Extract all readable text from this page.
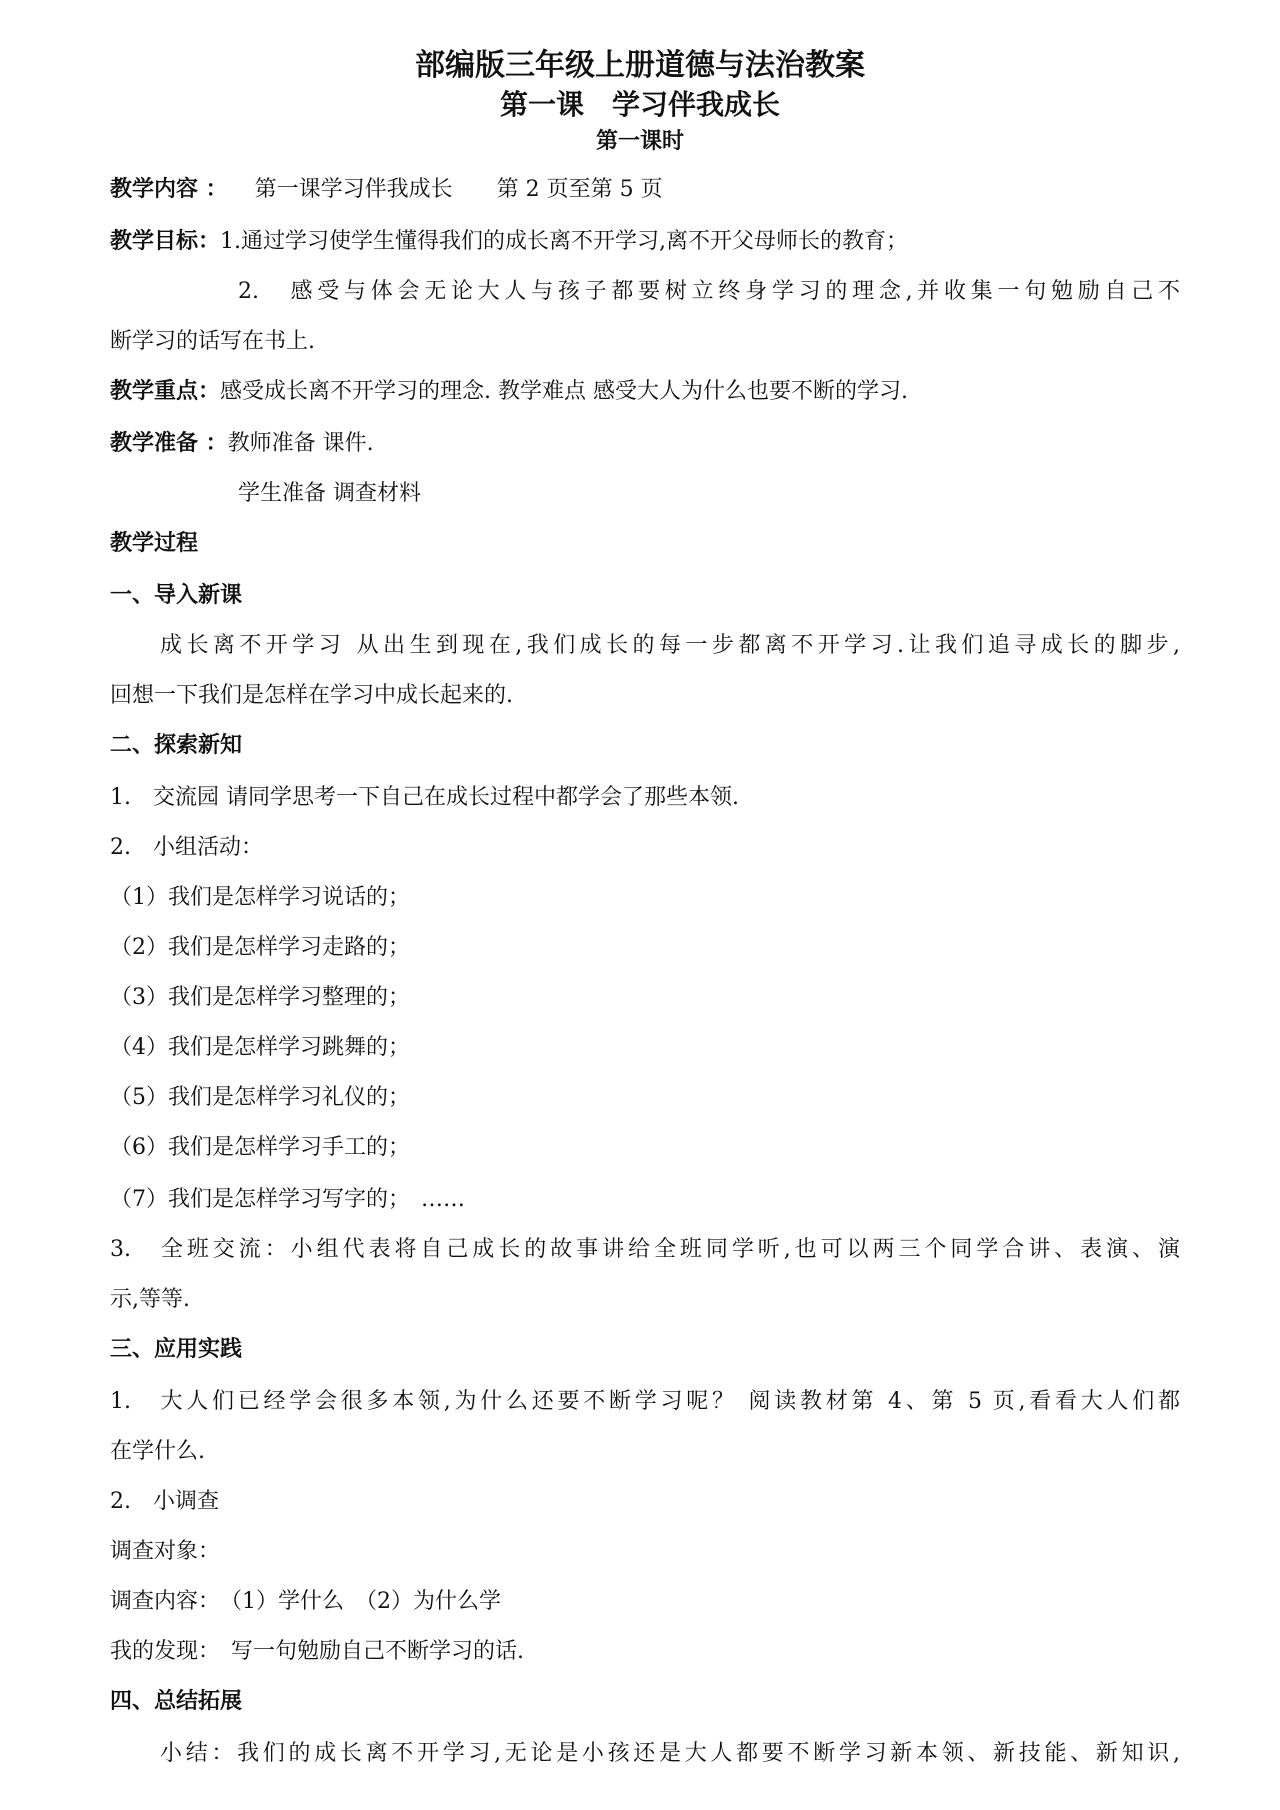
部编版三年级上册道德与法治教案
第一课　学习伴我成长
第一课时
教学内容 ： 第一课学习伴我成长　　第 2 页至第 5 页
教学目标：1.通过学习使学生懂得我们的成长离不开学习,离不开父母师长的教育；
2.　感受与体会无论大人与孩子都要树立终身学习的理念,并收集一句勉励自己不
断学习的话写在书上.
教学重点：感受成长离不开学习的理念. 教学难点 感受大人为什么也要不断的学习.
教学准备 ：教师准备 课件.
学生准备 调查材料
教学过程
一、导入新课
成长离不开学习 从出生到现在,我们成长的每一步都离不开学习.让我们追寻成长的脚步,
回想一下我们是怎样在学习中成长起来的.
二、探索新知
1.　交流园 请同学思考一下自己在成长过程中都学会了那些本领.
2.　小组活动：
（1）我们是怎样学习说话的；
（2）我们是怎样学习走路的；
（3）我们是怎样学习整理的；
（4）我们是怎样学习跳舞的；
（5）我们是怎样学习礼仪的；
（6）我们是怎样学习手工的；
（7）我们是怎样学习写字的；　……
3.　全班交流：小组代表将自己成长的故事讲给全班同学听,也可以两三个同学合讲、表演、演
示,等等.
三、应用实践
1.　大人们已经学会很多本领,为什么还要不断学习呢？ 阅读教材第 4、第 5 页,看看大人们都
在学什么.
2.　小调查
调查对象：
调查内容：　（1）学什么　（2）为什么学
我的发现：　写一句勉励自己不断学习的话.
四、总结拓展
小结：我们的成长离不开学习,无论是小孩还是大人都要不断学习新本领、新技能、新知识,
